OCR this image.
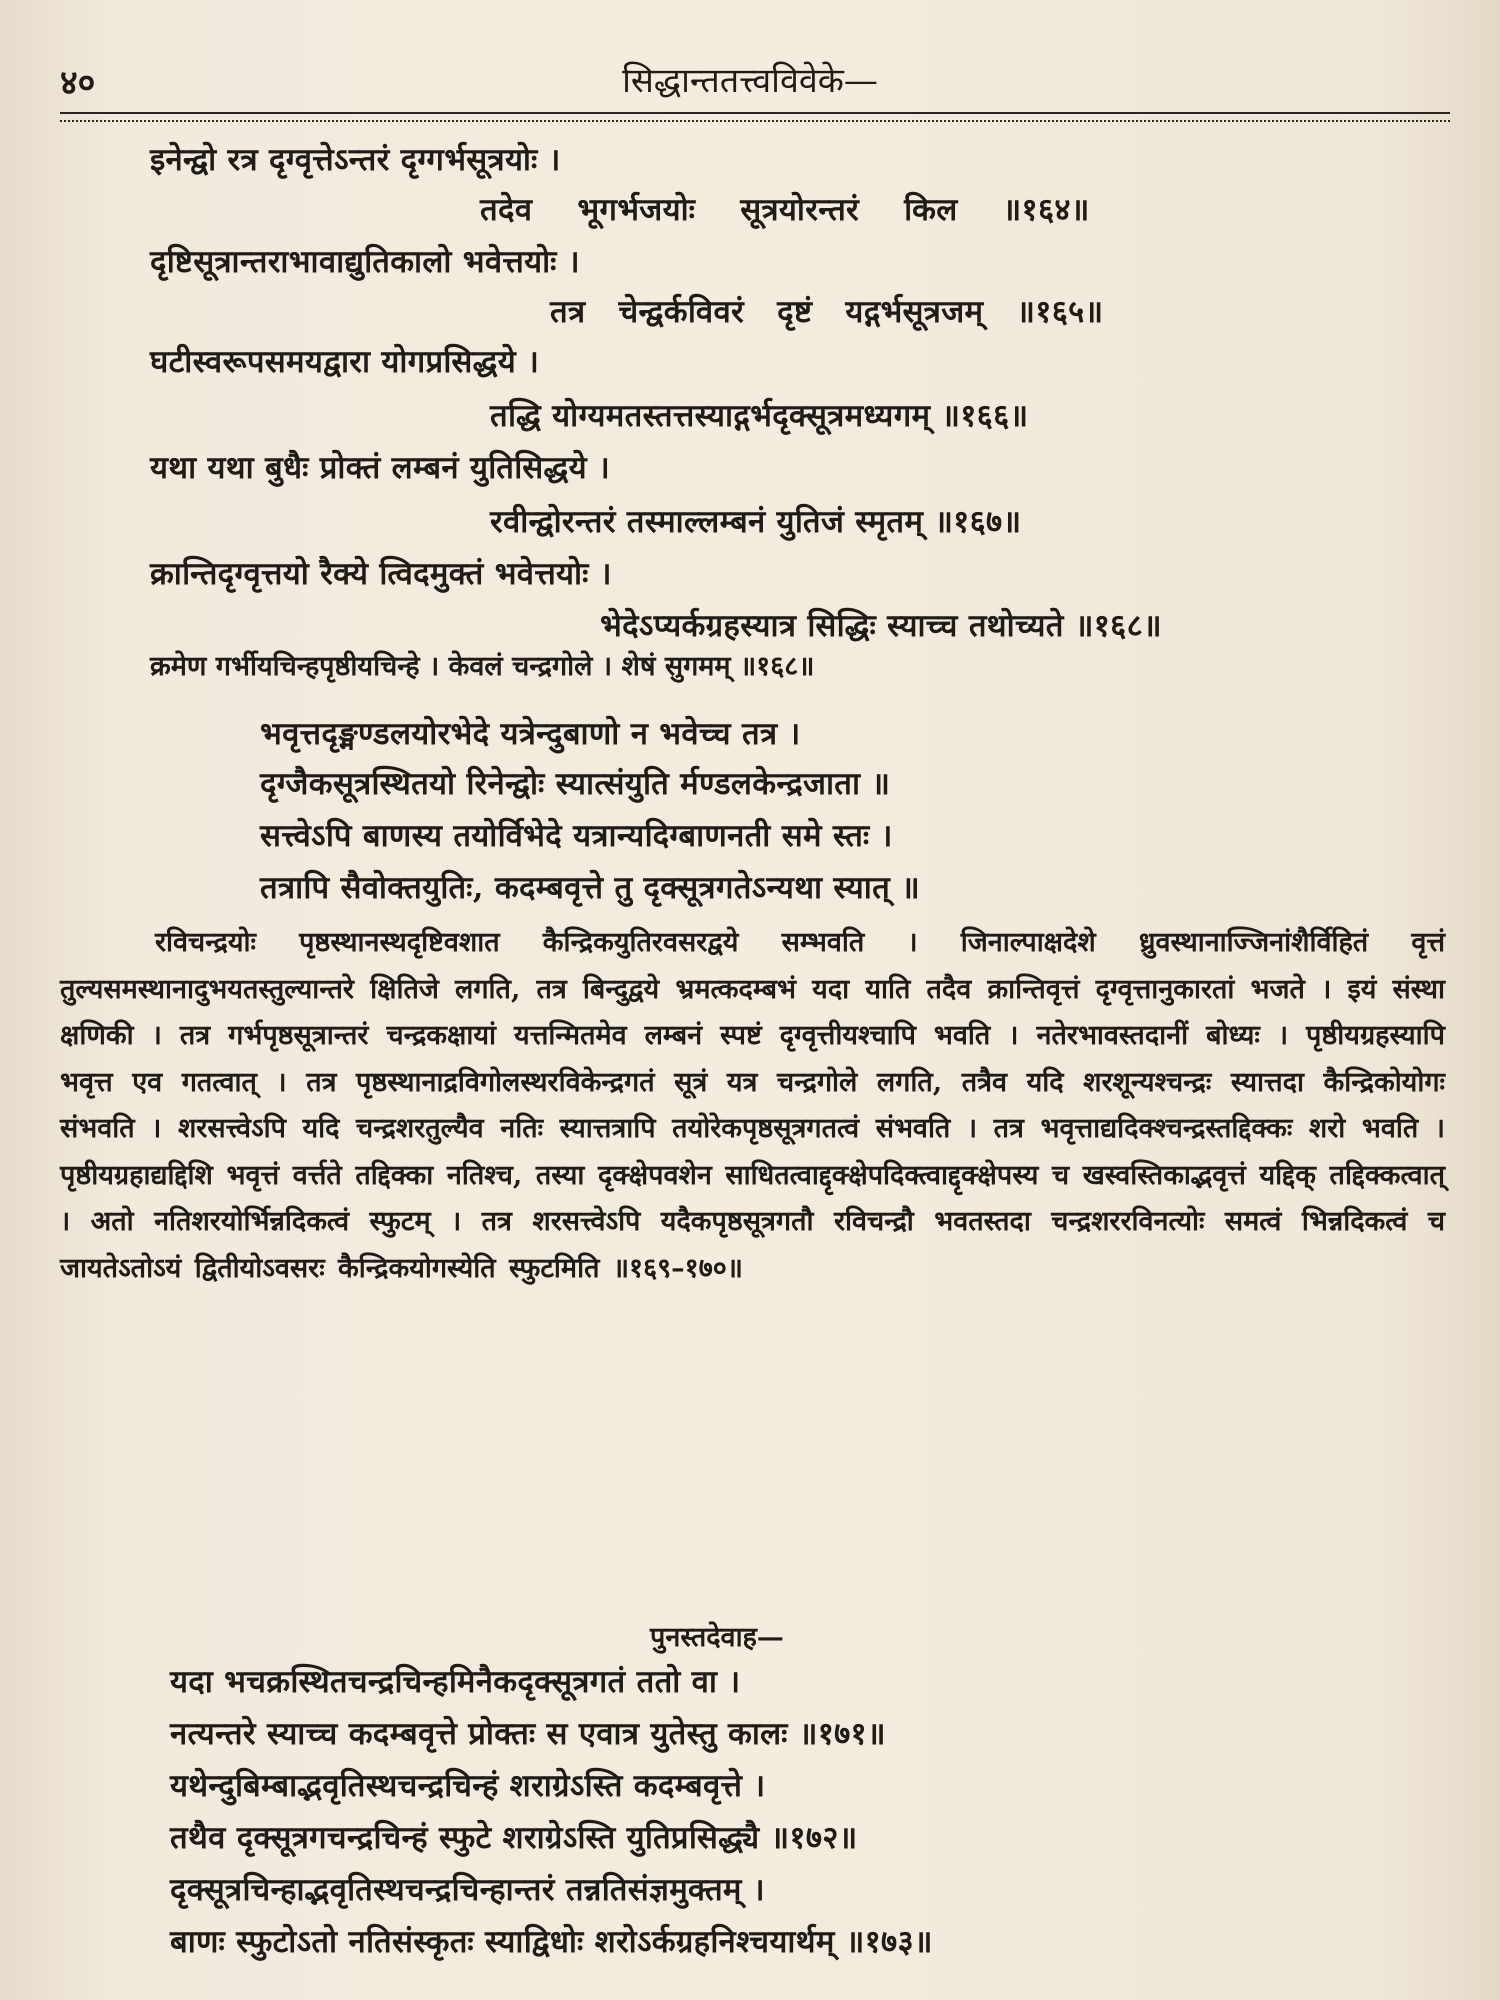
४०	सिद्धान्ततत्त्वविवेके—
इनेन्द्वो रत्र दृग्वृत्तेऽन्तरं दृग्गर्भसूत्रयोः ।
तदेव भूगर्भजयोः सूत्रयोरन्तरं किल ॥१६४॥
दृष्टिसूत्रान्तराभावाद्युतिकालो भवेत्तयोः ।
तत्र चेन्द्वर्कविवरं दृष्टं यद्गर्भसूत्रजम् ॥१६५॥
घटीस्वरूपसमयद्वारा योगप्रसिद्धये ।
तद्धि योग्यमतस्तत्तस्याद्गर्भदृक्सूत्रमध्यगम् ॥१६६॥
यथा यथा बुधैः प्रोक्तं लम्बनं युतिसिद्धये ।
रवीन्द्वोरन्तरं तस्माल्लम्बनं युतिजं स्मृतम् ॥१६७॥
क्रान्तिदृग्वृत्तयो रैक्ये त्विदमुक्तं भवेत्तयोः ।
भेदेऽप्यर्कग्रहस्यात्र सिद्धिः स्याच्च तथोच्यते ॥१६८॥
क्रमेण गर्भीयचिन्हपृष्ठीयचिन्हे । केवलं चन्द्रगोले । शेषं सुगमम् ॥१६८॥
भवृत्तदृङ्मण्डलयोरभेदे यत्रेन्दुबाणो न भवेच्च तत्र ।
दृग्जैकसूत्रस्थितयो रिनेन्द्वोः स्यात्संयुति र्मण्डलकेन्द्रजाता ॥
सत्त्वेऽपि बाणस्य तयोर्विभेदे यत्रान्यदिग्बाणनती समे स्तः ।
तत्रापि सैवोक्तयुतिः, कदम्बवृत्ते तु दृक्सूत्रगतेऽन्यथा स्यात् ॥
रविचन्द्रयोः पृष्ठस्थानस्थदृष्टिवशात कैन्द्रिकयुतिरवसरद्वये सम्भवति । जिनाल्पाक्षदेशे ध्रुवस्थानाज्जिनांशैर्विहितं वृत्तं तुल्यसमस्थानादुभयतस्तुल्यान्तरे क्षितिजे लगति, तत्र बिन्दुद्वये भ्रमत्कदम्बभं यदा याति तदैव क्रान्तिवृत्तं दृग्वृत्तानुकारतां भजते । इयं संस्था क्षणिकी । तत्र गर्भपृष्ठसूत्रान्तरं चन्द्रकक्षायां यत्तन्मितमेव लम्बनं स्पष्टं दृग्वृत्तीयश्चापि भवति । नतेरभावस्तदानीं बोध्यः । पृष्ठीयग्रहस्यापि भवृत्त एव गतत्वात् । तत्र पृष्ठस्थानाद्रविगोलस्थरविकेन्द्रगतं सूत्रं यत्र चन्द्रगोले लगति, तत्रैव यदि शरशून्यश्चन्द्रः स्यात्तदा कैन्द्रिकोयोगः संभवति । शरसत्त्वेऽपि यदि चन्द्रशरतुल्यैव नतिः स्यात्तत्रापि तयोरेकपृष्ठसूत्रगतत्वं संभवति । तत्र भवृत्ताद्यदिक्श्चन्द्रस्तद्दिक्कः शरो भवति । पृष्ठीयग्रहाद्यद्दिशि भवृत्तं वर्त्तते तद्दिक्का नतिश्च, तस्या दृक्क्षेपवशेन साधितत्वाद्दृक्क्षेपदिक्त्वाद्दृक्क्षेपस्य च खस्वस्तिकाद्भवृत्तं यद्दिक् तद्दिक्कत्वात् । अतो नतिशरयोर्भिन्नदिकत्वं स्फुटम् । तत्र शरसत्त्वेऽपि यदैकपृष्ठसूत्रगतौ रविचन्द्रौ भवतस्तदा चन्द्रशररविनत्योः समत्वं भिन्नदिकत्वं च जायतेऽतोऽयं द्वितीयोऽवसरः कैन्द्रिकयोगस्येति स्फुटमिति ॥१६९–१७०॥
पुनस्तदेवाह—
यदा भचक्रस्थितचन्द्रचिन्हमिनैकदृक्सूत्रगतं ततो वा ।
नत्यन्तरे स्याच्च कदम्बवृत्ते प्रोक्तः स एवात्र युतेस्तु कालः ॥१७१॥
यथेन्दुबिम्बाद्भवृतिस्थचन्द्रचिन्हं शराग्रेऽस्ति कदम्बवृत्ते ।
तथैव दृक्सूत्रगचन्द्रचिन्हं स्फुटे शराग्रेऽस्ति युतिप्रसिद्ध्यै ॥१७२॥
दृक्सूत्रचिन्हाद्भवृतिस्थचन्द्रचिन्हान्तरं तन्नतिसंज्ञमुक्तम् ।
बाणः स्फुटोऽतो नतिसंस्कृतः स्याद्विधोः शरोऽर्कग्रहनिश्चयार्थम् ॥१७३॥
